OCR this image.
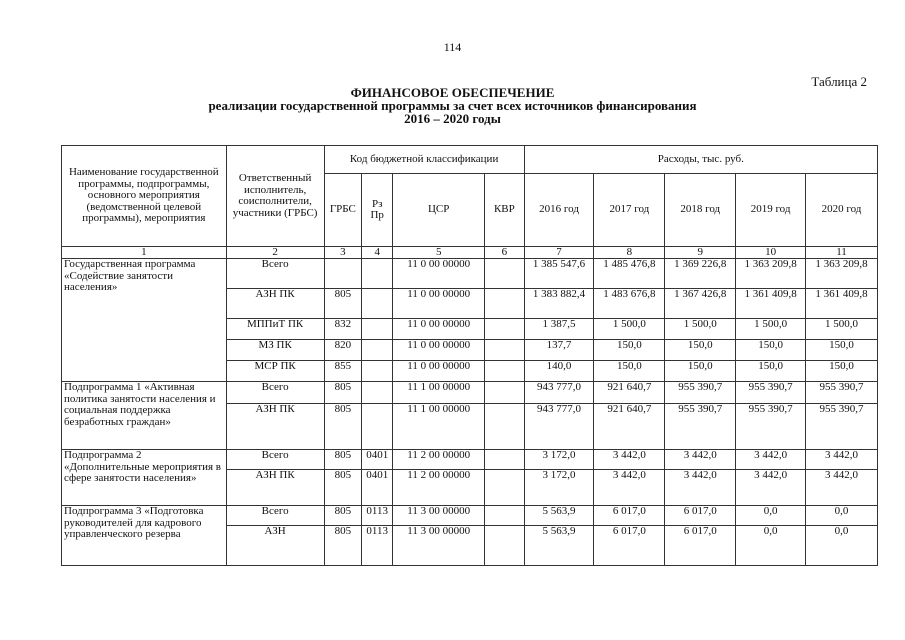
114
Таблица 2
ФИНАНСОВОЕ ОБЕСПЕЧЕНИЕ
реализации государственной программы за счет всех источников финансирования
2016 – 2020 годы
Наименование государственной программы, подпрограммы, основного мероприятия (ведомственной целевой программы), мероприятия	Ответственный исполнитель, соисполнители, участники (ГРБС)	Код бюджетной классификации				Расходы, тыс. руб.				
		ГРБС	Рз
Пр	ЦСР	КВР	2016 год	2017 год	2018 год	2019 год	2020 год
1	2	3	4	5	6	7	8	9	10	11
Государственная программа «Содействие занятости населения»	Всего			11 0 00 00000		1 385 547,6	1 485 476,8	1 369 226,8	1 363 209,8	1 363 209,8
	АЗН ПК	805		11 0 00 00000		1 383 882,4	1 483 676,8	1 367 426,8	1 361 409,8	1 361 409,8
	МППиТ ПК	832		11 0 00 00000		1 387,5	1 500,0	1 500,0	1 500,0	1 500,0
	МЗ ПК	820		11 0 00 00000		137,7	150,0	150,0	150,0	150,0
	МСР ПК	855		11 0 00 00000		140,0	150,0	150,0	150,0	150,0
Подпрограмма 1 «Активная политика занятости населения и социальная поддержка безработных граждан»	Всего	805		11 1 00 00000		943 777,0	921 640,7	955 390,7	955 390,7	955 390,7
	АЗН ПК	805		11 1 00 00000		943 777,0	921 640,7	955 390,7	955 390,7	955 390,7
Подпрограмма 2 «Дополнительные мероприятия в сфере занятости населения»	Всего	805	0401	11 2 00 00000		3 172,0	3 442,0	3 442,0	3 442,0	3 442,0
	АЗН ПК	805	0401	11 2 00 00000		3 172,0	3 442,0	3 442,0	3 442,0	3 442,0
Подпрограмма 3 «Подготовка руководителей для кадрового управленческого резерва	Всего	805	0113	11 3 00 00000		5 563,9	6 017,0	6 017,0	0,0	0,0
	АЗН	805	0113	11 3 00 00000		5 563,9	6 017,0	6 017,0	0,0	0,0
